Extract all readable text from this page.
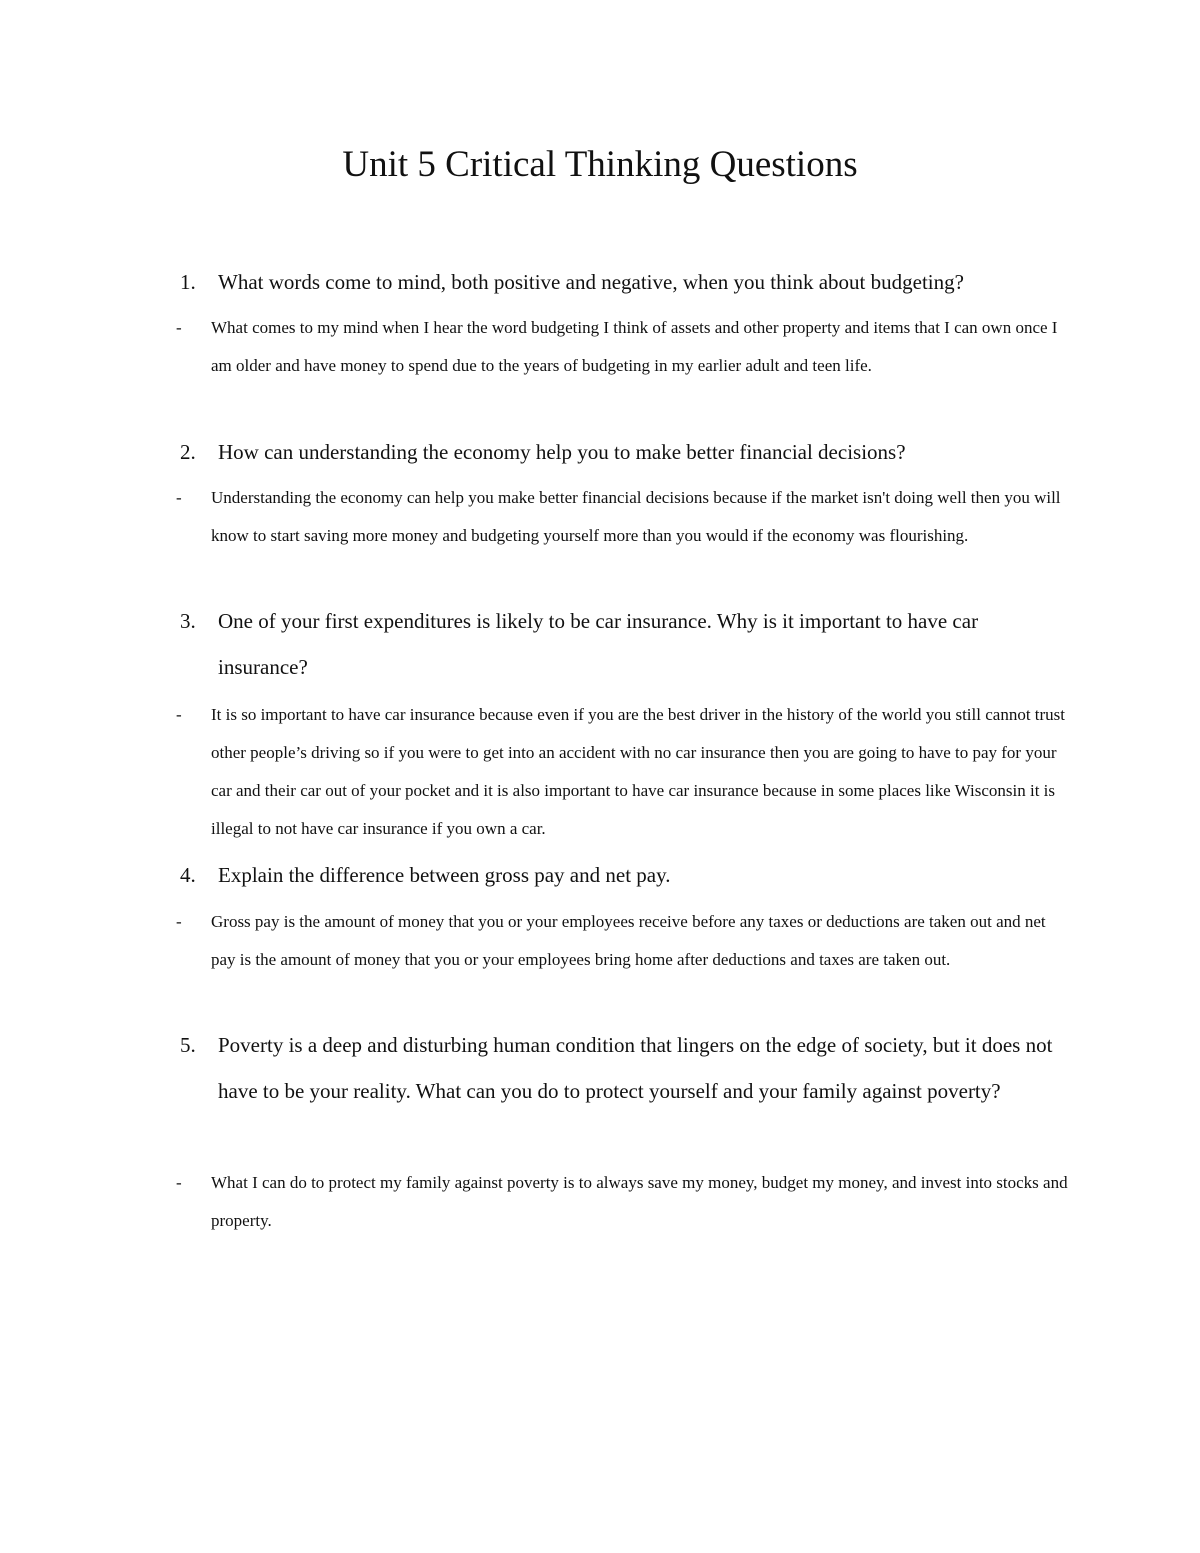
Unit 5 Critical Thinking Questions
1. What words come to mind, both positive and negative, when you think about budgeting?
- What comes to my mind when I hear the word budgeting I think of assets and other property and items that I can own once I am older and have money to spend due to the years of budgeting in my earlier adult and teen life.
2. How can understanding the economy help you to make better financial decisions?
- Understanding the economy can help you make better financial decisions because if the market isn't doing well then you will know to start saving more money and budgeting yourself more than you would if the economy was flourishing.
3. One of your first expenditures is likely to be car insurance. Why is it important to have car insurance?
- It is so important to have car insurance because even if you are the best driver in the history of the world you still cannot trust other people’s driving so if you were to get into an accident with no car insurance then you are going to have to pay for your car and their car out of your pocket and it is also important to have car insurance because in some places like Wisconsin it is illegal to not have car insurance if you own a car.
4. Explain the difference between gross pay and net pay.
- Gross pay is the amount of money that you or your employees receive before any taxes or deductions are taken out and net pay is the amount of money that you or your employees bring home after deductions and taxes are taken out.
5. Poverty is a deep and disturbing human condition that lingers on the edge of society, but it does not have to be your reality. What can you do to protect yourself and your family against poverty?
- What I can do to protect my family against poverty is to always save my money, budget my money, and invest into stocks and property.
